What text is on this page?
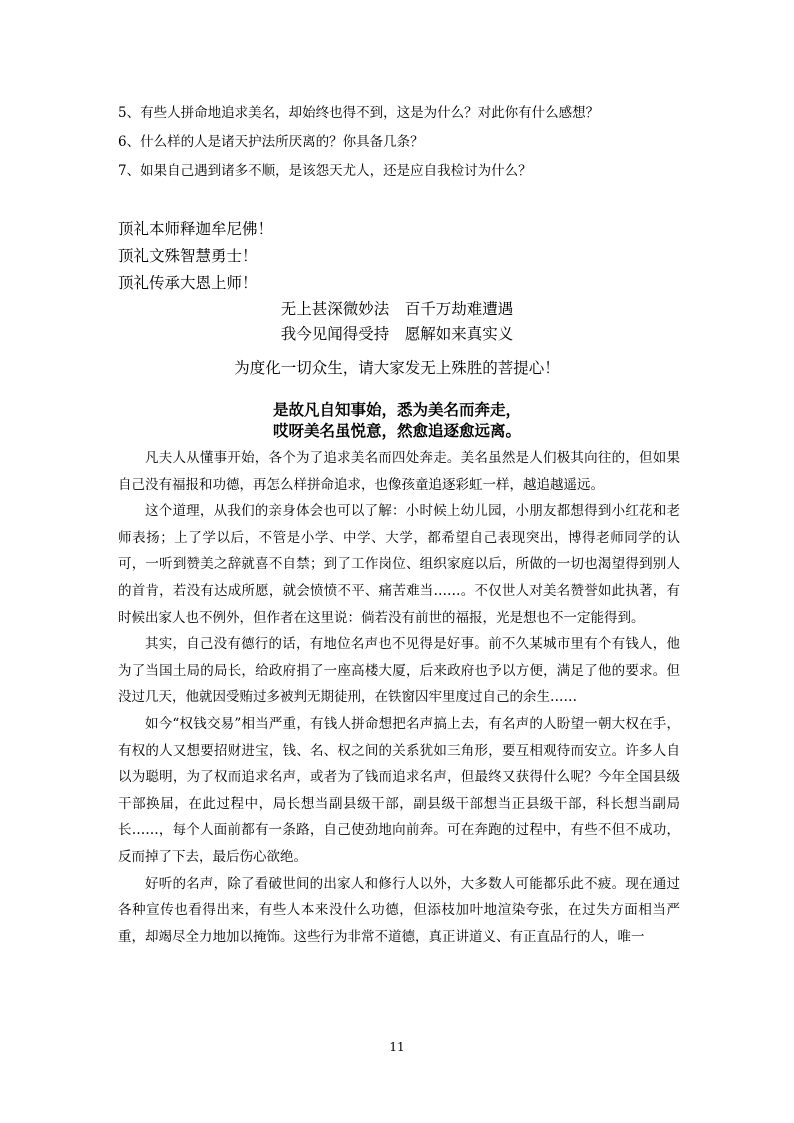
5、有些人拼命地追求美名，却始终也得不到，这是为什么？对此你有什么感想？
6、什么样的人是诸天护法所厌离的？你具备几条？
7、如果自己遇到诸多不顺，是该怨天尤人，还是应自我检讨为什么？
顶礼本师释迦牟尼佛！
顶礼文殊智慧勇士！
顶礼传承大恩上师！
无上甚深微妙法　百千万劫难遭遇
我今见闻得受持　愿解如来真实义
为度化一切众生，请大家发无上殊胜的菩提心！
是故凡自知事始，悉为美名而奔走，
哎呀美名虽悦意，然愈追逐愈远离。

凡夫人从懂事开始，各个为了追求美名而四处奔走。美名虽然是人们极其向往的，但如果自己没有福报和功德，再怎么样拼命追求，也像孩童追逐彩虹一样，越追越遥远。

这个道理，从我们的亲身体会也可以了解：小时候上幼儿园，小朋友都想得到小红花和老师表扬；上了学以后，不管是小学、中学、大学，都希望自己表现突出，博得老师同学的认可，一听到赞美之辞就喜不自禁；到了工作岗位、组织家庭以后，所做的一切也渴望得到别人的首肯，若没有达成所愿，就会愤愤不平、痛苦难当……。不仅世人对美名赞誉如此执著，有时候出家人也不例外，但作者在这里说：倘若没有前世的福报，光是想也不一定能得到。

其实，自己没有德行的话，有地位名声也不见得是好事。前不久某城市里有个有钱人，他为了当国土局的局长，给政府捐了一座高楼大厦，后来政府也予以方便，满足了他的要求。但没过几天，他就因受贿过多被判无期徒刑，在铁窗囚牢里度过自己的余生……

如今“权钱交易”相当严重，有钱人拼命想把名声搞上去，有名声的人盼望一朝大权在手，有权的人又想要招财进宝，钱、名、权之间的关系犹如三角形，要互相观待而安立。许多人自以为聪明，为了权而追求名声，或者为了钱而追求名声，但最终又获得什么呢？今年全国县级干部换届，在此过程中，局长想当副县级干部，副县级干部想当正县级干部，科长想当副局长……，每个人面前都有一条路，自己使劲地向前奔。可在奔跑的过程中，有些不但不成功，反而掉了下去，最后伤心欲绝。

好听的名声，除了看破世间的出家人和修行人以外，大多数人可能都乐此不疲。现在通过各种宣传也看得出来，有些人本来没什么功德，但添枝加叶地渲染夸张，在过失方面相当严重，却竭尽全力地加以掩饰。这些行为非常不道德，真正讲道义、有正直品行的人，唯一

11
